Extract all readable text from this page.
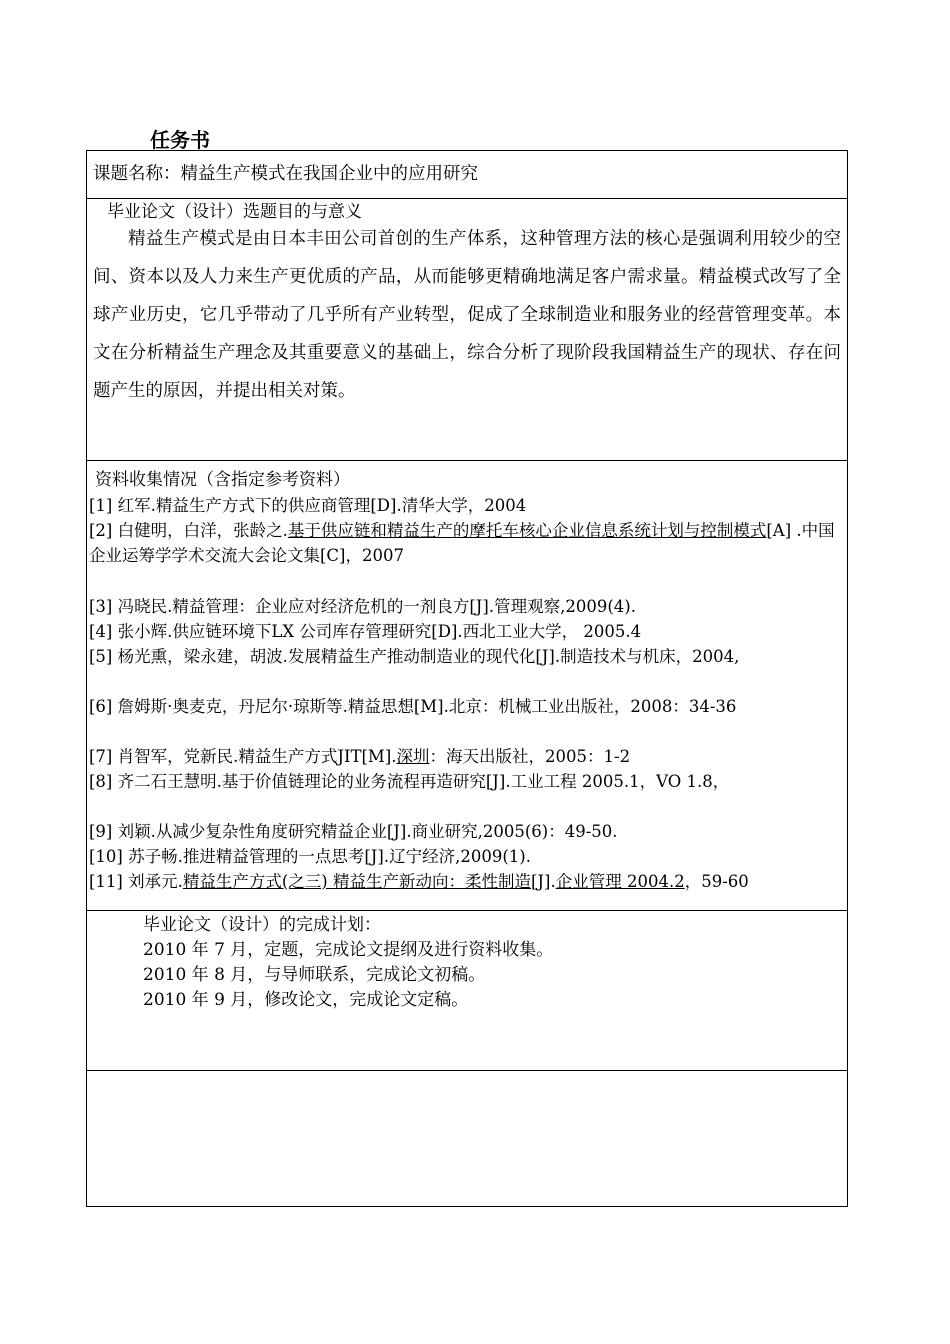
任务书
课题名称：精益生产模式在我国企业中的应用研究
毕业论文（设计）选题目的与意义

精益生产模式是由日本丰田公司首创的生产体系，这种管理方法的核心是强调利用较少的空间、资本以及人力来生产更优质的产品，从而能够更精确地满足客户需求量。精益模式改写了全球产业历史，它几乎带动了几乎所有产业转型，促成了全球制造业和服务业的经营管理变革。本文在分析精益生产理念及其重要意义的基础上，综合分析了现阶段我国精益生产的现状、存在问题产生的原因，并提出相关对策。

资料收集情况（含指定参考资料）
[1] 红军.精益生产方式下的供应商管理[D].清华大学，2004
[2] 白健明，白洋，张龄之.基于供应链和精益生产的摩托车核心企业信息系统计划与控制模式[A] .中国企业运筹学学术交流大会论文集[C]，2007
[3] 冯晓民.精益管理：企业应对经济危机的一剂良方[J].管理观察,2009(4).
[4] 张小辉.供应链环境下LX 公司库存管理研究[D].西北工业大学， 2005.4
[5] 杨光熏，梁永建，胡波.发展精益生产推动制造业的现代化[J].制造技术与机床，2004,
[6] 詹姆斯·奥麦克，丹尼尔·琼斯等.精益思想[M].北京：机械工业出版社，2008：34-36
[7] 肖智军，党新民.精益生产方式JIT[M].深圳：海天出版社，2005：1-2
[8] 齐二石王慧明.基于价值链理论的业务流程再造研究[J].工业工程 2005.1，VO 1.8，
[9] 刘颖.从减少复杂性角度研究精益企业[J].商业研究,2005(6)：49-50.
[10] 苏子畅.推进精益管理的一点思考[J].辽宁经济,2009(1).
[11] 刘承元.精益生产方式(之三) 精益生产新动向：柔性制造[J].企业管理 2004.2，59-60
毕业论文（设计）的完成计划：
2010 年 7 月，定题，完成论文提纲及进行资料收集。
2010 年 8 月，与导师联系，完成论文初稿。
2010 年 9 月，修改论文，完成论文定稿。
